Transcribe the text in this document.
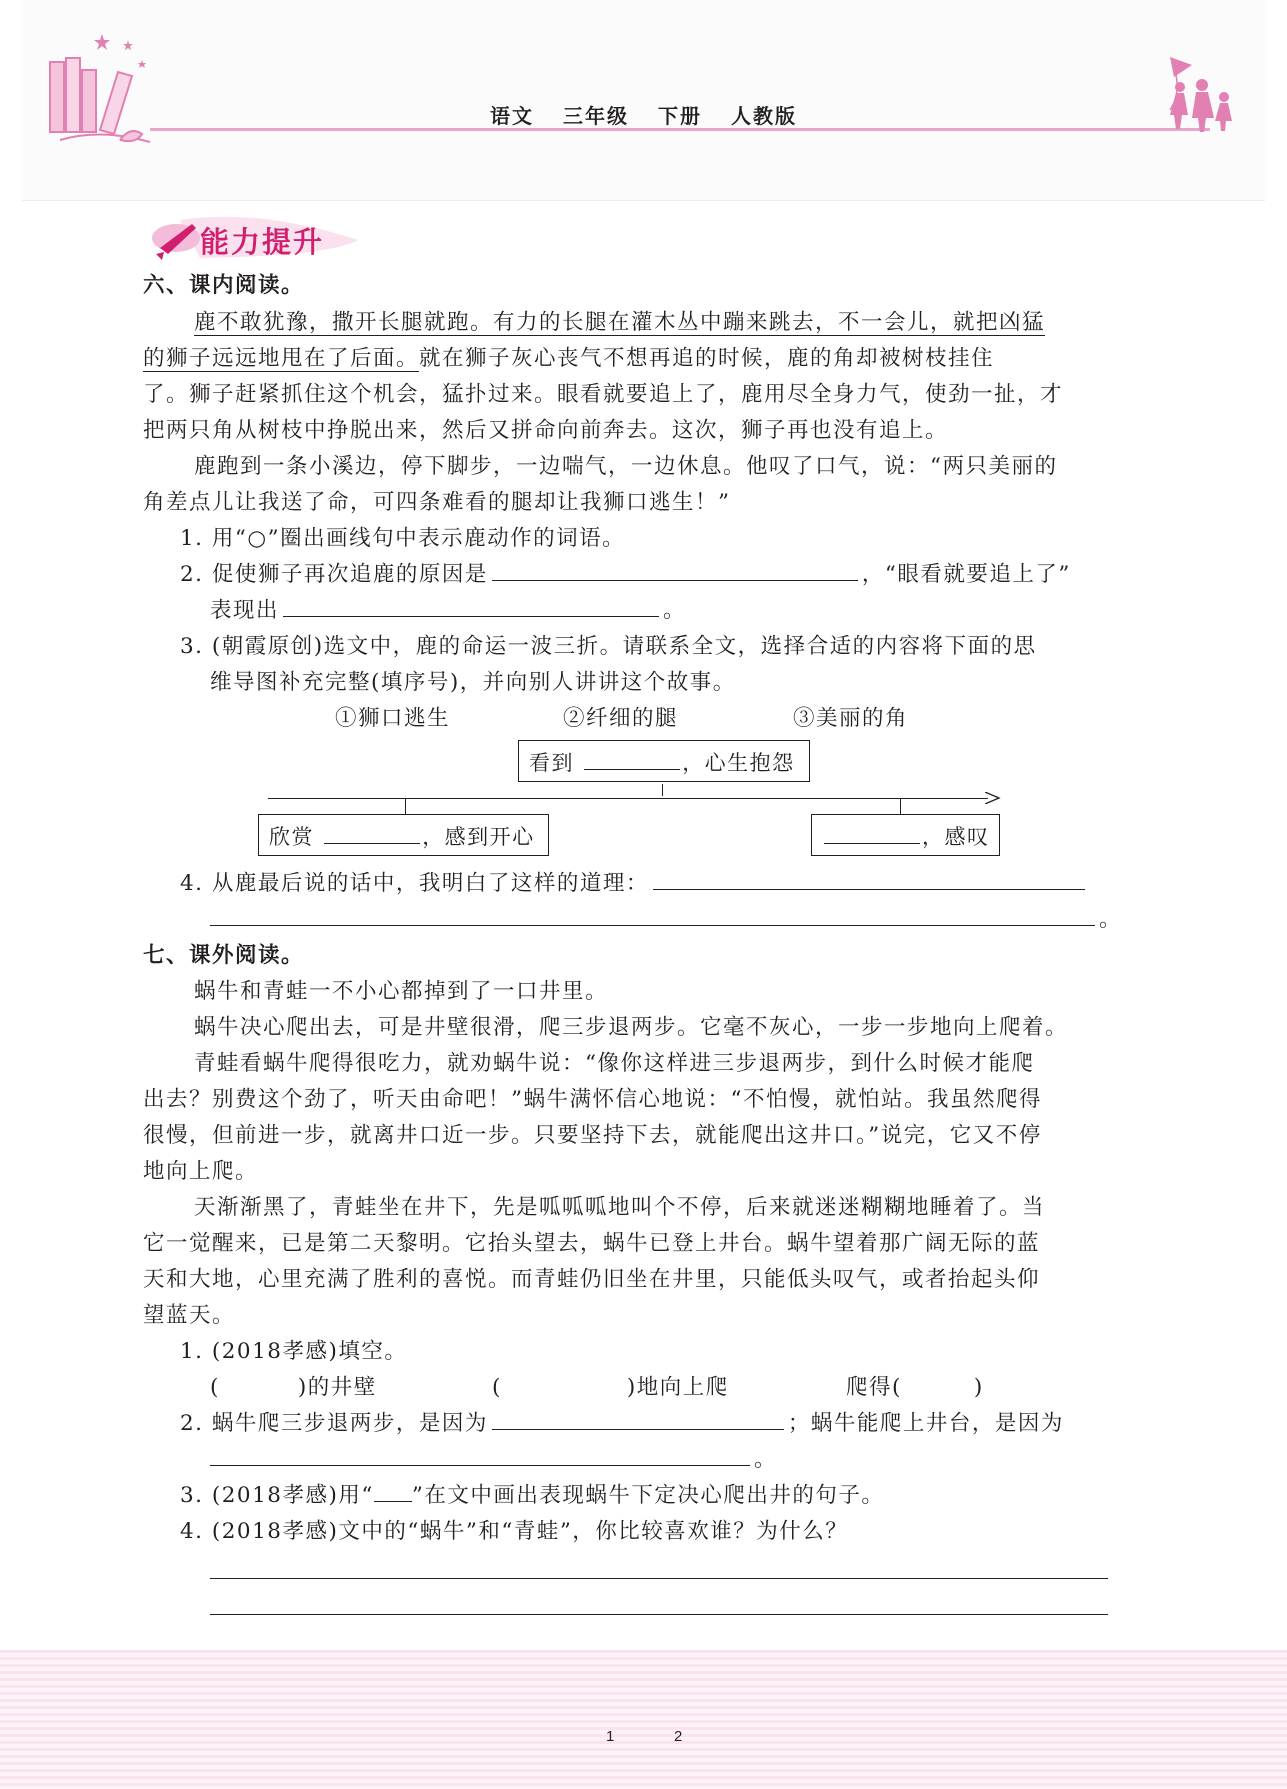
语文 三年级 下册 人教版
能力提升
六、课内阅读。
鹿不敢犹豫，撒开长腿就跑。有力的长腿在灌木丛中蹦来跳去，不一会儿，就把凶猛
的狮子远远地甩在了后面。就在狮子灰心丧气不想再追的时候，鹿的角却被树枝挂住
了。狮子赶紧抓住这个机会，猛扑过来。眼看就要追上了，鹿用尽全身力气，使劲一扯，才
把两只角从树枝中挣脱出来，然后又拼命向前奔去。这次，狮子再也没有追上。
鹿跑到一条小溪边，停下脚步，一边喘气，一边休息。他叹了口气，说：“两只美丽的
角差点儿让我送了命，可四条难看的腿却让我狮口逃生！”
1. 用“○”圈出画线句中表示鹿动作的词语。
2. 促使狮子再次追鹿的原因是	，“眼看就要追上了”
表现出	。
3. (朝霞原创)选文中，鹿的命运一波三折。请联系全文，选择合适的内容将下面的思
维导图补充完整(填序号)，并向别人讲讲这个故事。
①狮口逃生	②纤细的腿	③美丽的角
看到	，心生抱怨
欣赏	，感到开心	，感叹
4. 从鹿最后说的话中，我明白了这样的道理：
。
七、课外阅读。
蜗牛和青蛙一不小心都掉到了一口井里。
蜗牛决心爬出去，可是井壁很滑，爬三步退两步。它毫不灰心，一步一步地向上爬着。
青蛙看蜗牛爬得很吃力，就劝蜗牛说：“像你这样进三步退两步，到什么时候才能爬
出去？别费这个劲了，听天由命吧！”蜗牛满怀信心地说：“不怕慢，就怕站。我虽然爬得
很慢，但前进一步，就离井口近一步。只要坚持下去，就能爬出这井口。”说完，它又不停
地向上爬。
天渐渐黑了，青蛙坐在井下，先是呱呱呱地叫个不停，后来就迷迷糊糊地睡着了。当
它一觉醒来，已是第二天黎明。它抬头望去，蜗牛已登上井台。蜗牛望着那广阔无际的蓝
天和大地，心里充满了胜利的喜悦。而青蛙仍旧坐在井里，只能低头叹气，或者抬起头仰
望蓝天。
1. (2018孝感)填空。
(	)的井壁	(	)地向上爬	爬得(	)
2. 蜗牛爬三步退两步，是因为	；蜗牛能爬上井台，是因为
。
3. (2018孝感)用“ ”在文中画出表现蜗牛下定决心爬出井的句子。
4. (2018孝感)文中的“蜗牛”和“青蛙”，你比较喜欢谁？为什么？
1	2
